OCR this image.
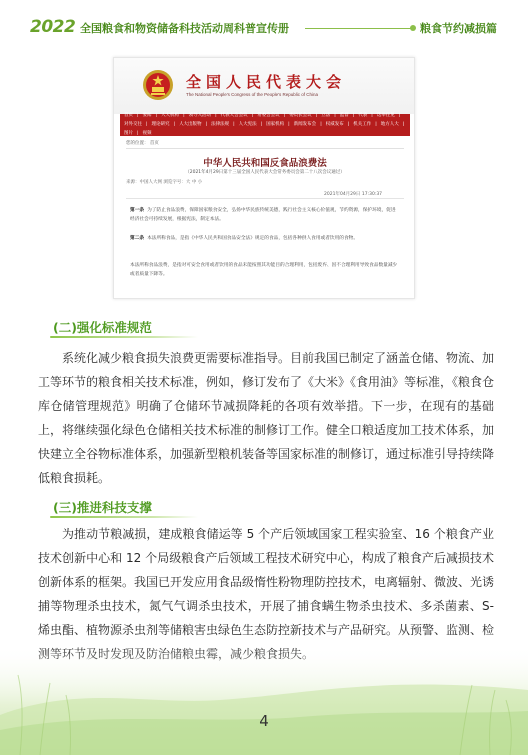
2022 全国粮食和物资储备科技活动周科普宣传册	粮食节约减损篇
全国人民代表大会
The National People's Congress of the People's Republic of China
首页 | 要闻 | 人大机构 | 领导人活动 | 代表大会会议 | 常委会会议 | 委员长会议 | 立法 | 监督 | 代表 | 选举任免 |
对外交往 | 理论研究 | 人大出版物 | 法律法规 | 人大宪法 | 国家机构 | 新闻发布会 | 权威发布 | 机关工作 | 地方人大 |
图片 | 视频
您的位置： 首页
中华人民共和国反食品浪费法
（2021年4月29日第十三届全国人民代表大会常务委员会第二十八次会议通过）
来源：中国人大网 浏览字号：大 中 小
2021年04月29日 17:30:37
第一条 为了防止食品浪费，保障国家粮食安全，弘扬中华民族传统美德，践行社会主义核心价值观，节约资源，保护环境，促进经济社会可持续发展，根据宪法，制定本法。
第二条 本法所称食品，是指《中华人民共和国食品安全法》规定的食品，包括各种供人食用或者饮用的食物。
本法所称食品浪费，是指对可安全食用或者饮用的食品未能按照其功能目的合理利用，包括废弃、因不合理利用导致食品数量减少或者质量下降等。
(二)强化标准规范

系统化减少粮食损失浪费更需要标准指导。目前我国已制定了涵盖仓储、物流、加工等环节的粮食相关技术标准，例如，修订发布了《大米》《食用油》等标准，《粮食仓库仓储管理规范》明确了仓储环节减损降耗的各项有效举措。下一步，在现有的基础上，将继续强化绿色仓储相关技术标准的制修订工作。健全口粮适度加工技术体系，加快建立全谷物标准体系，加强新型粮机装备等国家标准的制修订，通过标准引导持续降低粮食损耗。

(三)推进科技支撑

为推动节粮减损，建成粮食储运等 5 个产后领域国家工程实验室、16 个粮食产业技术创新中心和 12 个局级粮食产后领域工程技术研究中心，构成了粮食产后减损技术创新体系的框架。我国已开发应用食品级惰性粉物理防控技术，电离辐射、微波、光诱捕等物理杀虫技术，氮气气调杀虫技术，开展了捕食螨生物杀虫技术、多杀菌素、S- 烯虫酯、植物源杀虫剂等储粮害虫绿色生态防控新技术与产品研究。从预警、监测、检

4
